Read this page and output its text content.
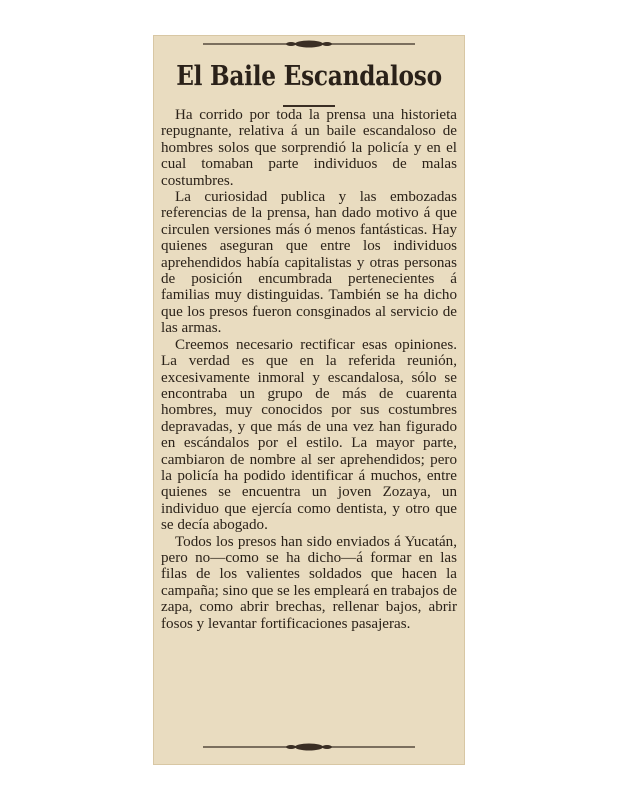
El Baile Escandaloso

Ha corrido por toda la prensa una historieta repugnante, relativa á un baile escandaloso de hombres solos que sorprendió la policía y en el cual tomaban parte individuos de malas costumbres.

La curiosidad publica y las embozadas referencias de la prensa, han dado motivo á que circulen versiones más ó menos fantásticas. Hay quienes aseguran que entre los individuos aprehendidos había capitalistas y otras personas de posición encumbrada pertenecientes á familias muy distinguidas. También se ha dicho que los presos fueron consginados al servicio de las armas.

Creemos necesario rectificar esas opiniones. La verdad es que en la referida reunión, excesivamente inmoral y escandalosa, sólo se encontraba un grupo de más de cuarenta hombres, muy conocidos por sus costumbres depravadas, y que más de una vez han figurado en escándalos por el estilo. La mayor parte, cambiaron de nombre al ser aprehendidos; pero la policía ha podido identificar á muchos, entre quienes se encuentra un joven Zozaya, un individuo que ejercía como dentista, y otro que se decía abogado.

Todos los presos han sido enviados á Yucatán, pero no—como se ha dicho—á formar en las filas de los valientes soldados que hacen la campaña; sino que se les empleará en trabajos de zapa, como abrir brechas, rellenar bajos, abrir fosos y levantar fortificaciones pasajeras.
